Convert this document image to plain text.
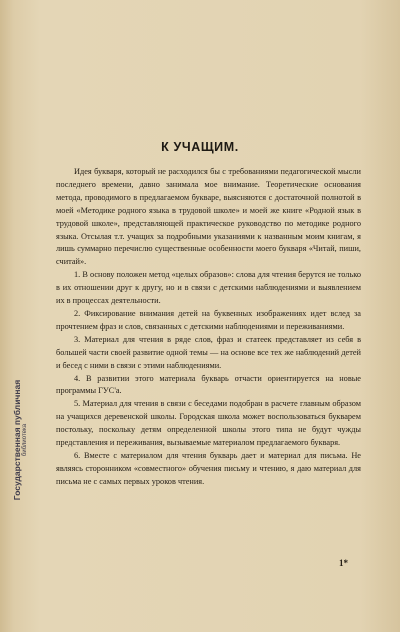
Государственная публичная библиотека
К УЧАЩИМ.

Идея букваря, который не расходился бы с требованиями педагогической мысли последнего времени, давно занимала мое внимание. Теоретические основания метода, проводимого в предлагаемом букваре, выясняются с достаточной полнотой в моей «Методике родного языка в трудовой школе» и моей же книге «Родной язык в трудовой школе», представляющей практическое руководство по методике родного языка. Отсылая т.т. учащих за подробными указаниями к названным моим книгам, я лишь суммарно перечислю существенные особенности моего букваря «Читай, пиши, считай».

1. В основу положен метод «целых образов»: слова для чтения берутся не только в их отношении друг к другу, но и в связи с детскими наблюдениями и выявлением их в процессах деятельности.

2. Фиксирование внимания детей на буквенных изображениях идет вслед за прочтением фраз и слов, связанных с детскими наблюдениями и переживаниями.

3. Материал для чтения в ряде слов, фраз и статеек представляет из себя в большей части своей развитие одной темы — на основе все тех же наблюдений детей и бесед с ними в связи с этими наблюдениями.

4. В развитии этого материала букварь отчасти ориентируется на новые программы ГУС'а.

5. Материал для чтения в связи с беседами подобран в расчете главным образом на учащихся деревенской школы. Городская школа может воспользоваться букварем постольку, поскольку детям определенной школы этого типа не будут чужды представления и переживания, вызываемые материалом предлагаемого букваря.

6. Вместе с материалом для чтения букварь дает и материал для письма. Не являясь сторонником «совместного» обучения письму и чтению, я даю материал для письма не с самых первых уроков чтения.

1*
